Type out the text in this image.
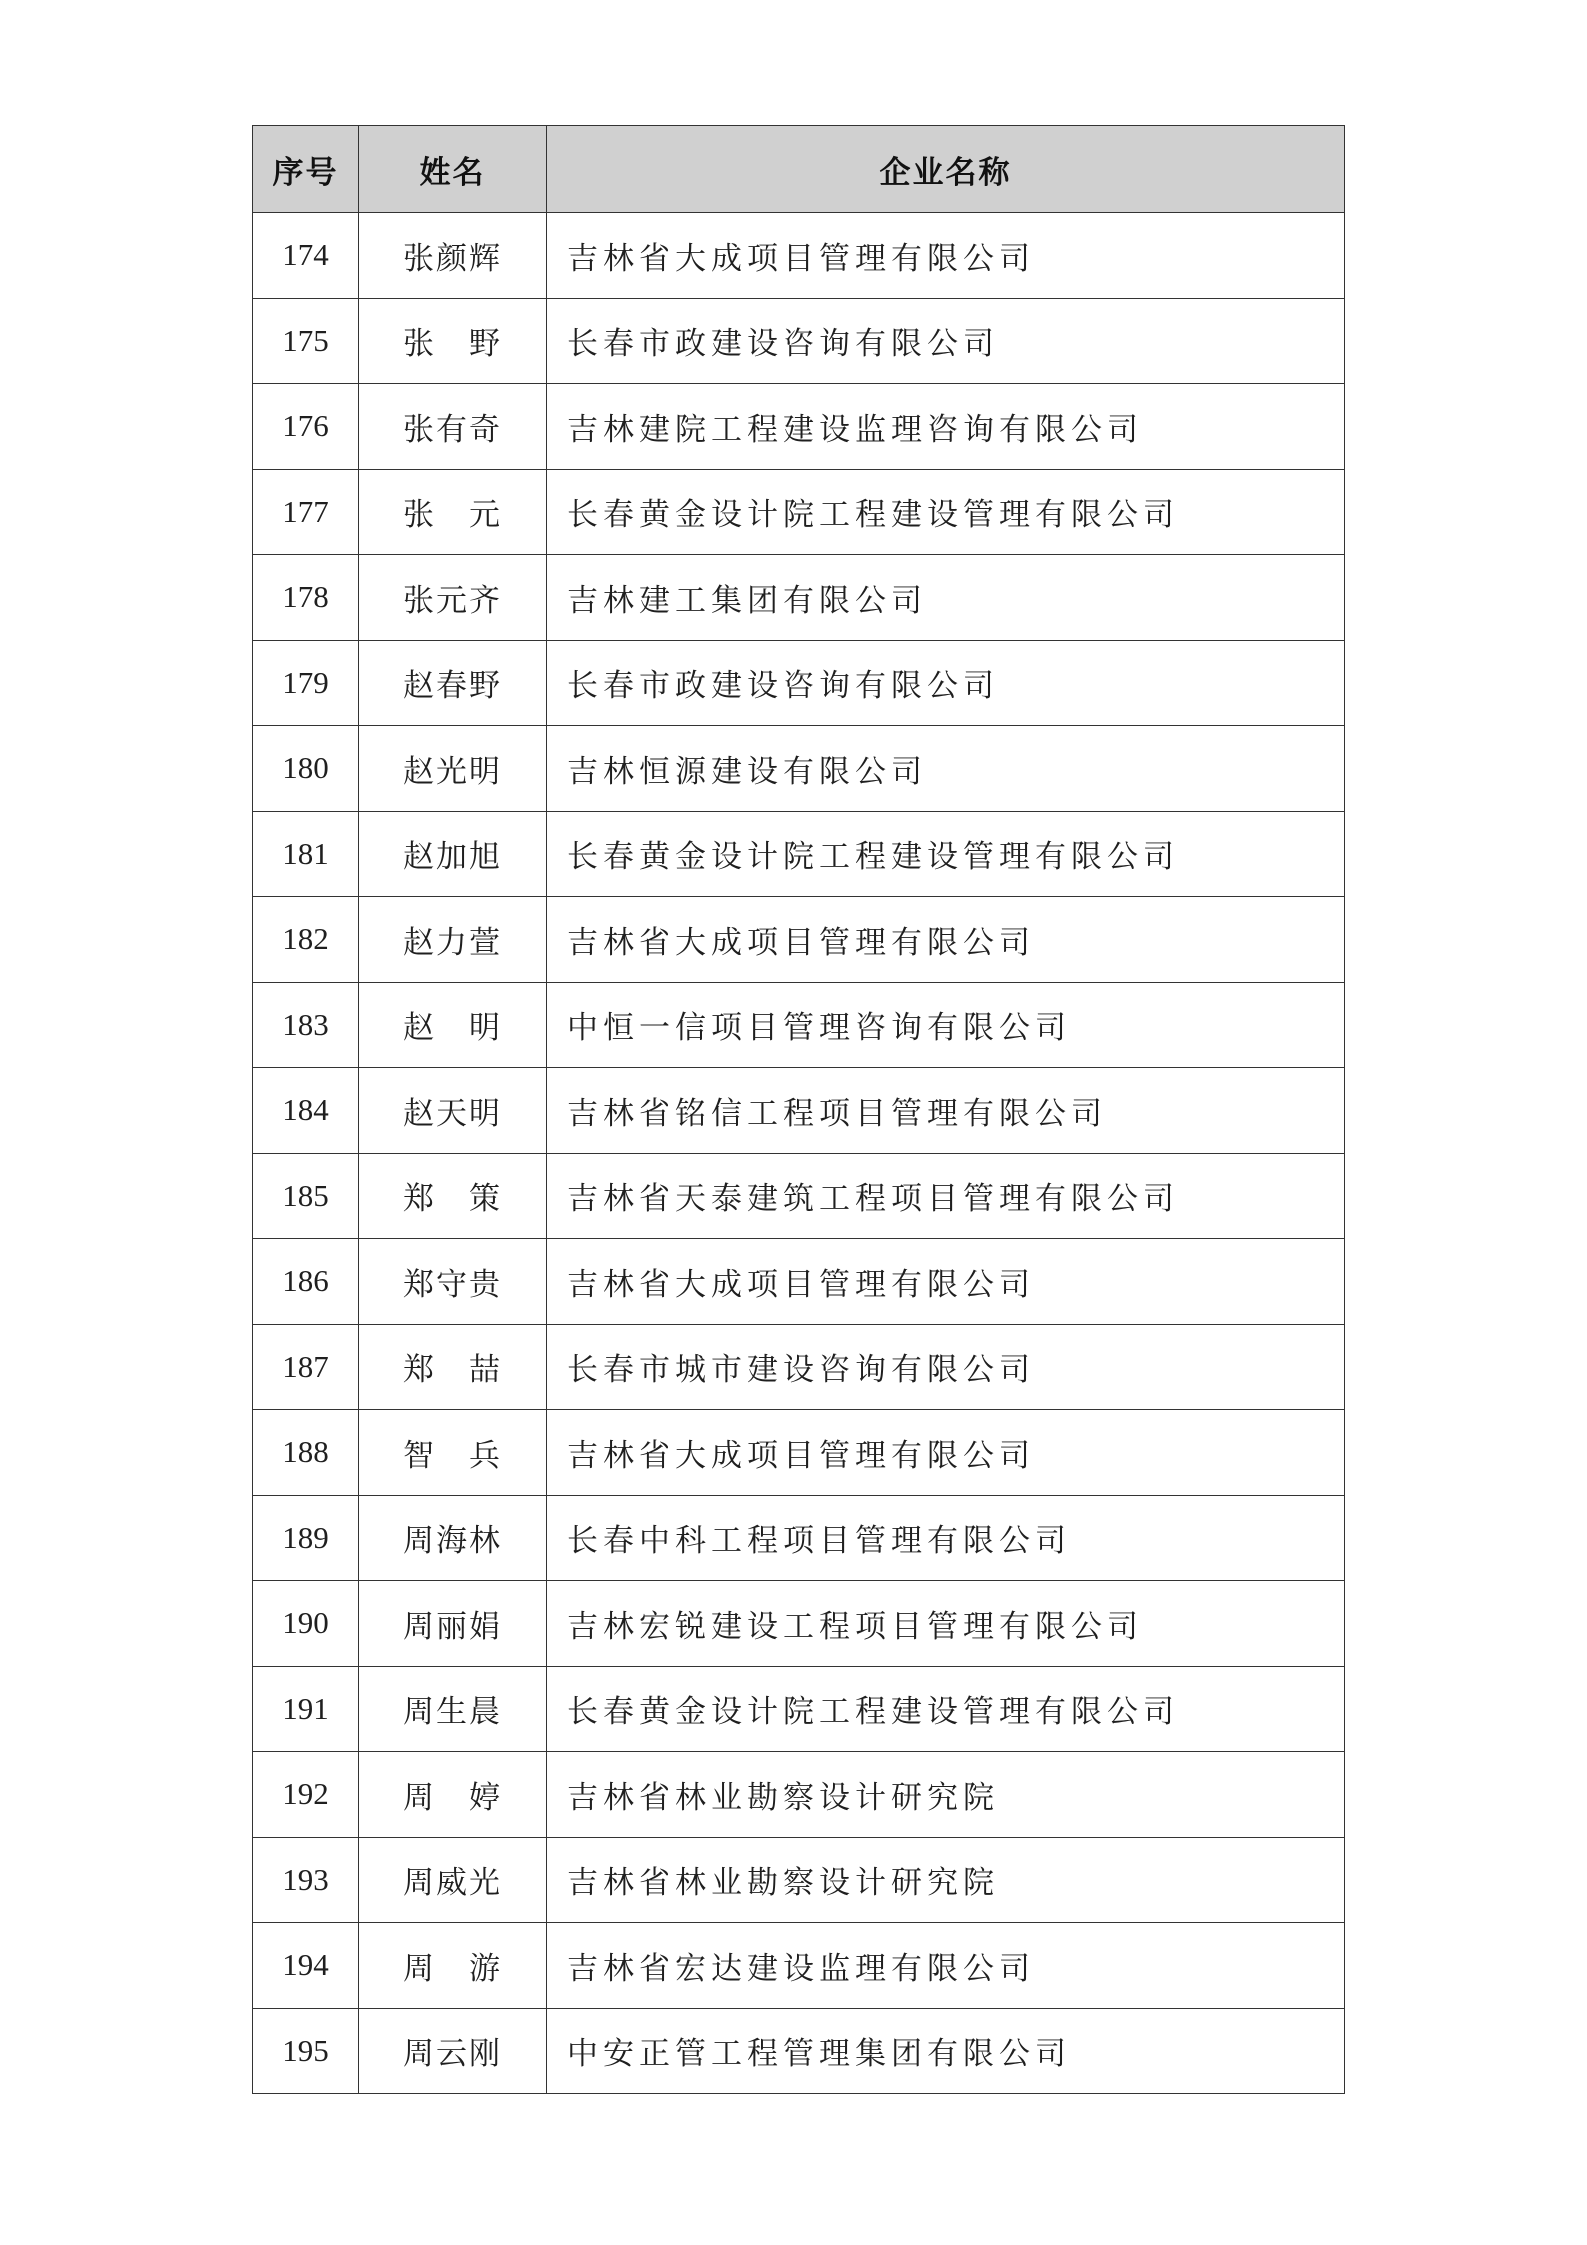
序号	姓名	企业名称
174	张颜辉	吉林省大成项目管理有限公司
175	张　野	长春市政建设咨询有限公司
176	张有奇	吉林建院工程建设监理咨询有限公司
177	张　元	长春黄金设计院工程建设管理有限公司
178	张元齐	吉林建工集团有限公司
179	赵春野	长春市政建设咨询有限公司
180	赵光明	吉林恒源建设有限公司
181	赵加旭	长春黄金设计院工程建设管理有限公司
182	赵力萱	吉林省大成项目管理有限公司
183	赵　明	中恒一信项目管理咨询有限公司
184	赵天明	吉林省铭信工程项目管理有限公司
185	郑　策	吉林省天泰建筑工程项目管理有限公司
186	郑守贵	吉林省大成项目管理有限公司
187	郑　喆	长春市城市建设咨询有限公司
188	智　兵	吉林省大成项目管理有限公司
189	周海林	长春中科工程项目管理有限公司
190	周丽娟	吉林宏锐建设工程项目管理有限公司
191	周生晨	长春黄金设计院工程建设管理有限公司
192	周　婷	吉林省林业勘察设计研究院
193	周威光	吉林省林业勘察设计研究院
194	周　游	吉林省宏达建设监理有限公司
195	周云刚	中安正管工程管理集团有限公司
